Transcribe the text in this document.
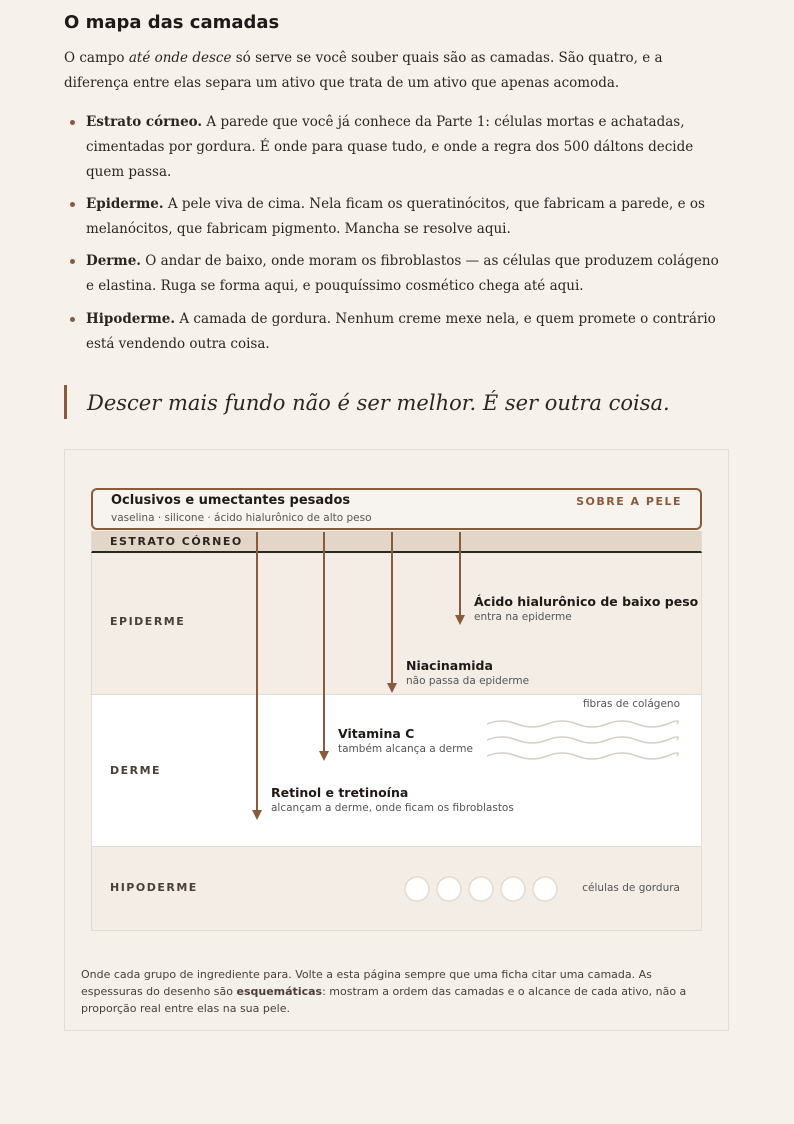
O mapa das camadas

O campo até onde desce só serve se você souber quais são as camadas. São quatro, e a diferença entre elas separa um ativo que trata de um ativo que apenas acomoda.

Estrato córneo. A parede que você já conhece da Parte 1: células mortas e achatadas, cimentadas por gordura. É onde para quase tudo, e onde a regra dos 500 dáltons decide quem passa.
Epiderme. A pele viva de cima. Nela ficam os queratinócitos, que fabricam a parede, e os melanócitos, que fabricam pigmento. Mancha se resolve aqui.
Derme. O andar de baixo, onde moram os fibroblastos — as células que produzem colágeno e elastina. Ruga se forma aqui, e pouquíssimo cosmético chega até aqui.
Hipoderme. A camada de gordura. Nenhum creme mexe nela, e quem promete o contrário está vendendo outra coisa.
Descer mais fundo não é ser melhor. É ser outra coisa.
ESTRATO CÓRNEO
EPIDERME
DERME
HIPODERME
Oclusivos e umectantes pesados
vaselina · silicone · ácido hialurônico de alto peso
SOBRE A PELE
Ácido hialurônico de baixo peso
entra na epiderme
Niacinamida
não passa da epiderme
Vitamina C
também alcança a derme
Retinol e tretinoína
alcançam a derme, onde ficam os fibroblastos
fibras de colágeno
células de gordura
Onde cada grupo de ingrediente para. Volte a esta página sempre que uma ficha citar uma camada. As espessuras do desenho são esquemáticas: mostram a ordem das camadas e o alcance de cada ativo, não a proporção real entre elas na sua pele.
